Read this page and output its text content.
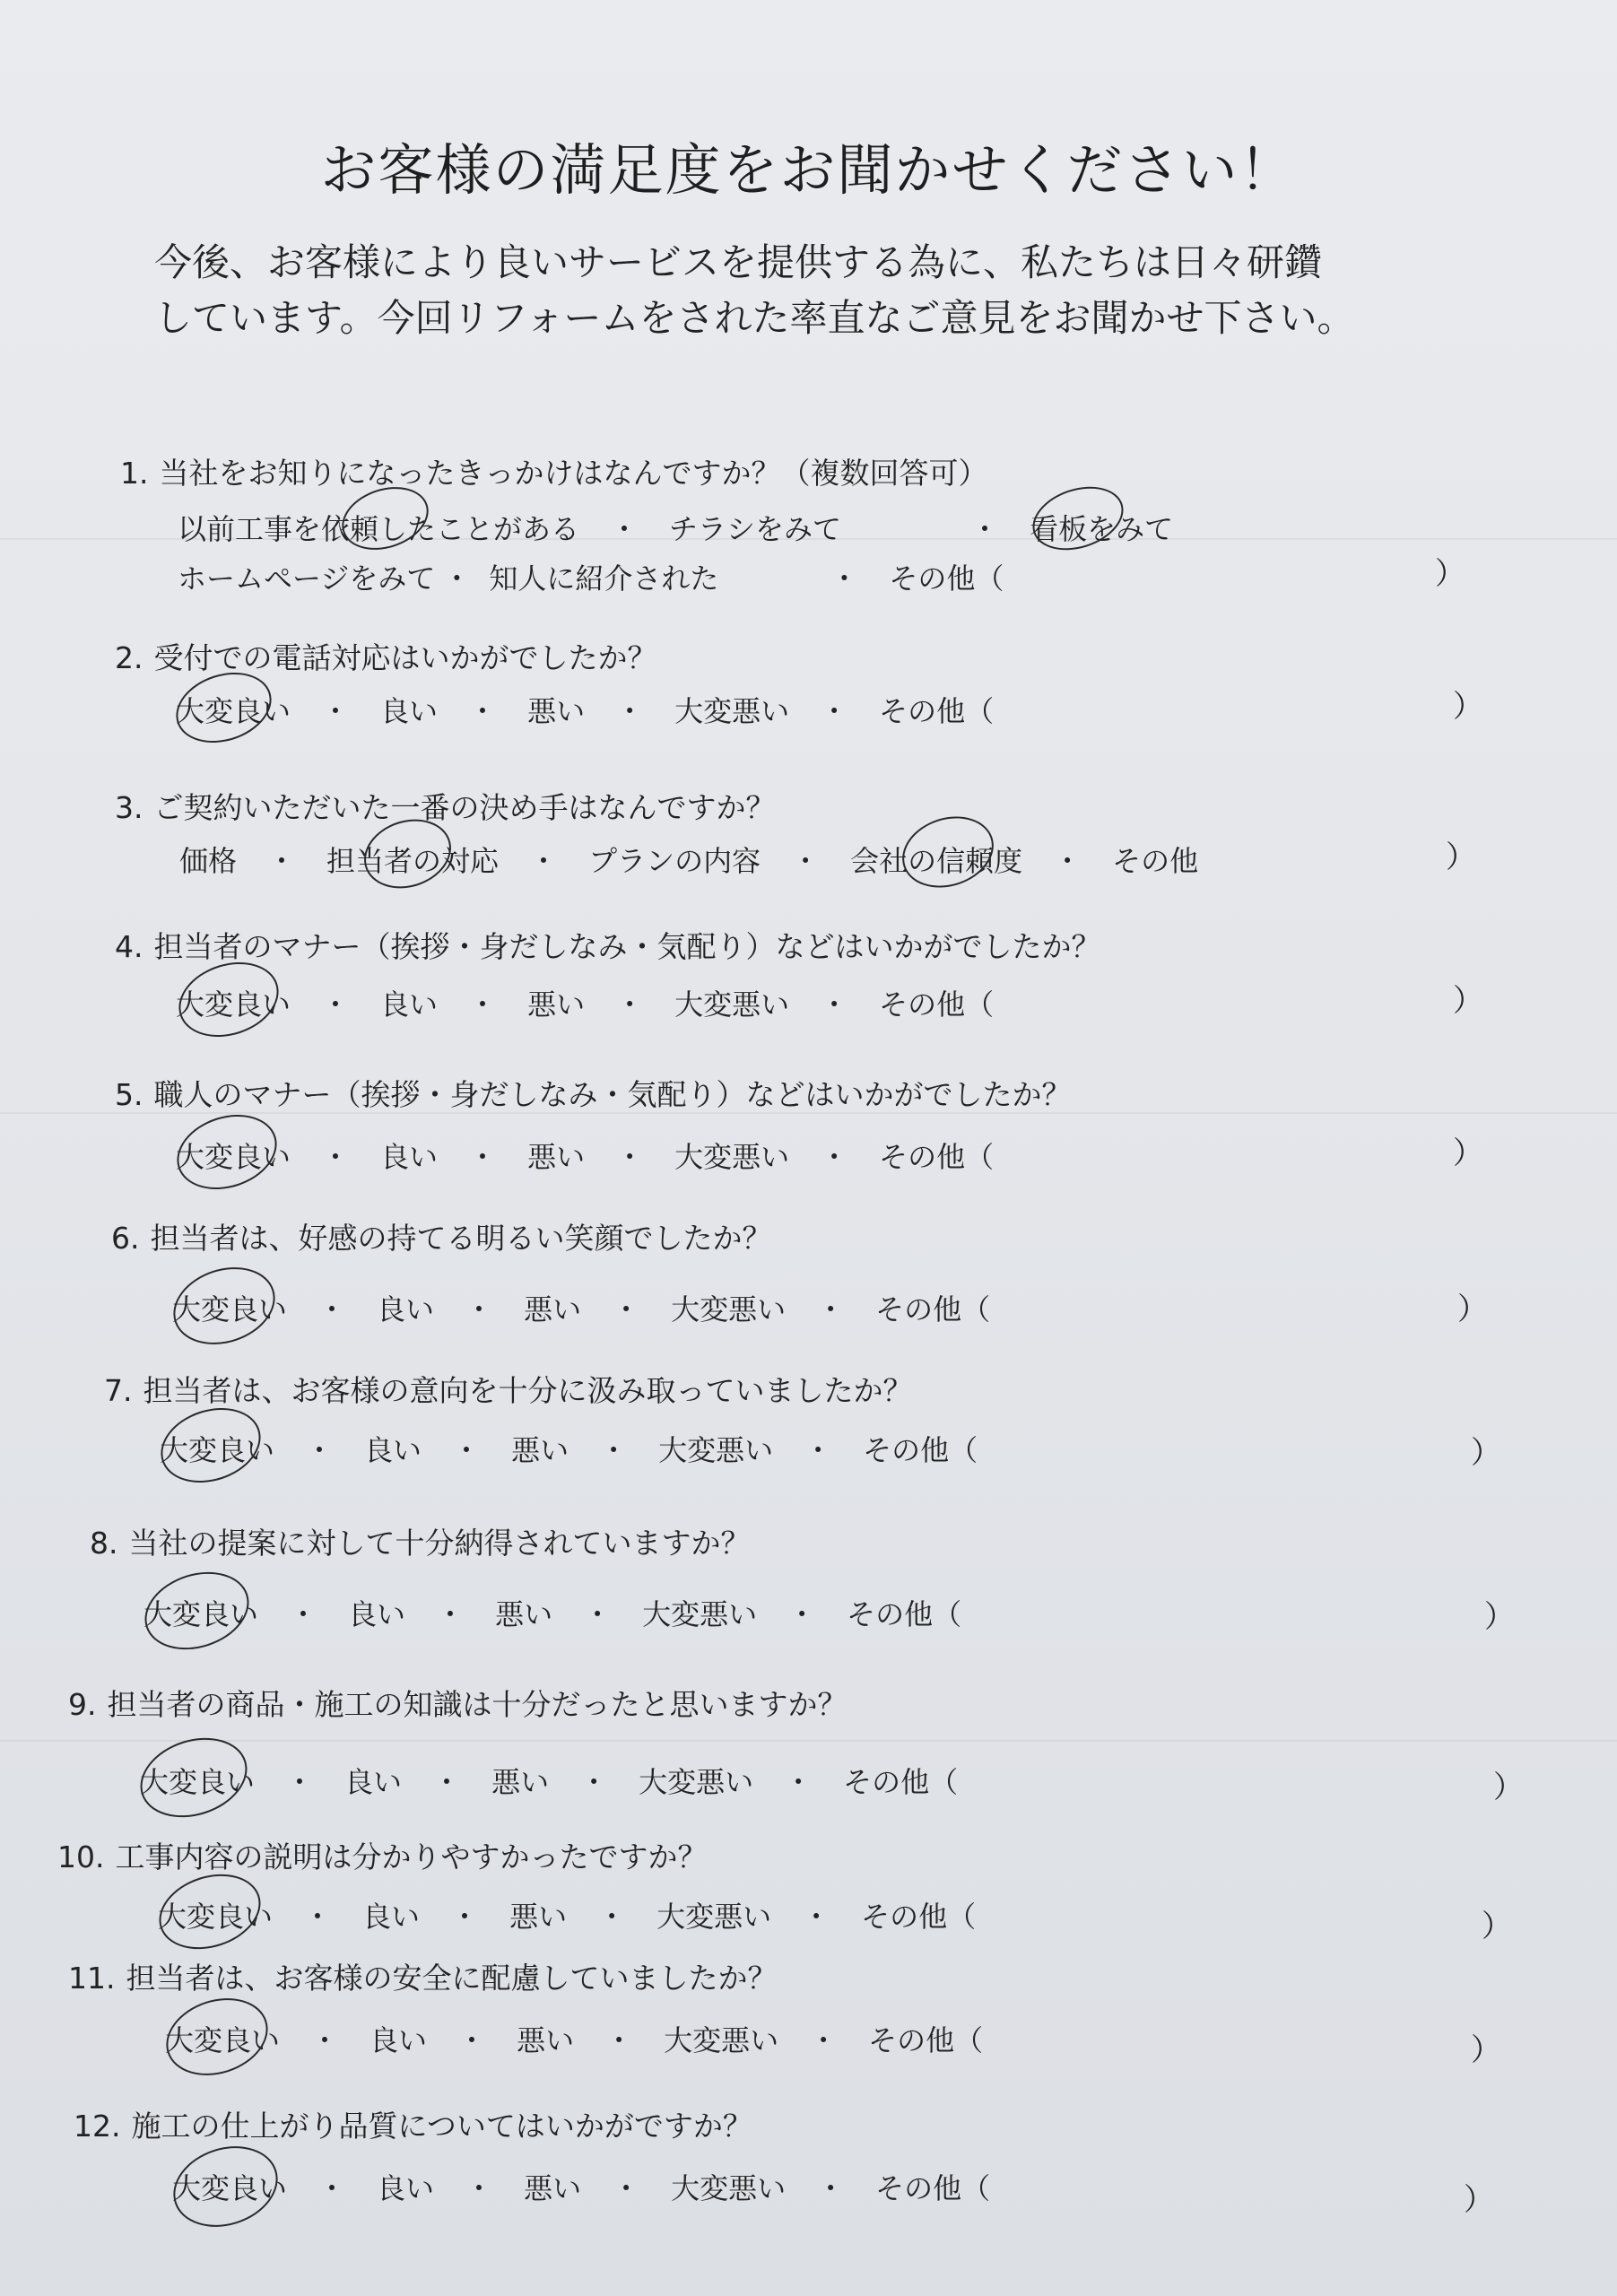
お客様の満足度をお聞かせください！
今後、お客様により良いサービスを提供する為に、私たちは日々研鑽
しています。今回リフォームをされた率直なご意見をお聞かせ下さい。
1. 当社をお知りになったきっかけはなんですか？（複数回答可）
以前工事を依頼したことがある ・ チラシをみて	・ 看板をみて
ホームページをみて ・ 知人に紹介された	・ その他（	）
2. 受付での電話対応はいかがでしたか？
大変良い ・ 良い ・ 悪い ・ 大変悪い ・ その他（	）
3. ご契約いただいた一番の決め手はなんですか？
価格 ・ 担当者の対応 ・ プランの内容 ・ 会社の信頼度 ・ その他	）
4. 担当者のマナー（挨拶・身だしなみ・気配り）などはいかがでしたか？
大変良い ・ 良い ・ 悪い ・ 大変悪い ・ その他（	）
5. 職人のマナー（挨拶・身だしなみ・気配り）などはいかがでしたか？
大変良い ・ 良い ・ 悪い ・ 大変悪い ・ その他（	）
6. 担当者は、好感の持てる明るい笑顔でしたか？
大変良い ・ 良い ・ 悪い ・ 大変悪い ・ その他（	）
7. 担当者は、お客様の意向を十分に汲み取っていましたか？
大変良い ・ 良い ・ 悪い ・ 大変悪い ・ その他（	）
8. 当社の提案に対して十分納得されていますか？
大変良い ・ 良い ・ 悪い ・ 大変悪い ・ その他（	）
9. 担当者の商品・施工の知識は十分だったと思いますか？
大変良い ・ 良い ・ 悪い ・ 大変悪い ・ その他（	）
10. 工事内容の説明は分かりやすかったですか？
大変良い ・ 良い ・ 悪い ・ 大変悪い ・ その他（	）
11. 担当者は、お客様の安全に配慮していましたか？
大変良い ・ 良い ・ 悪い ・ 大変悪い ・ その他（	）
12. 施工の仕上がり品質についてはいかがですか？
大変良い ・ 良い ・ 悪い ・ 大変悪い ・ その他（	）
